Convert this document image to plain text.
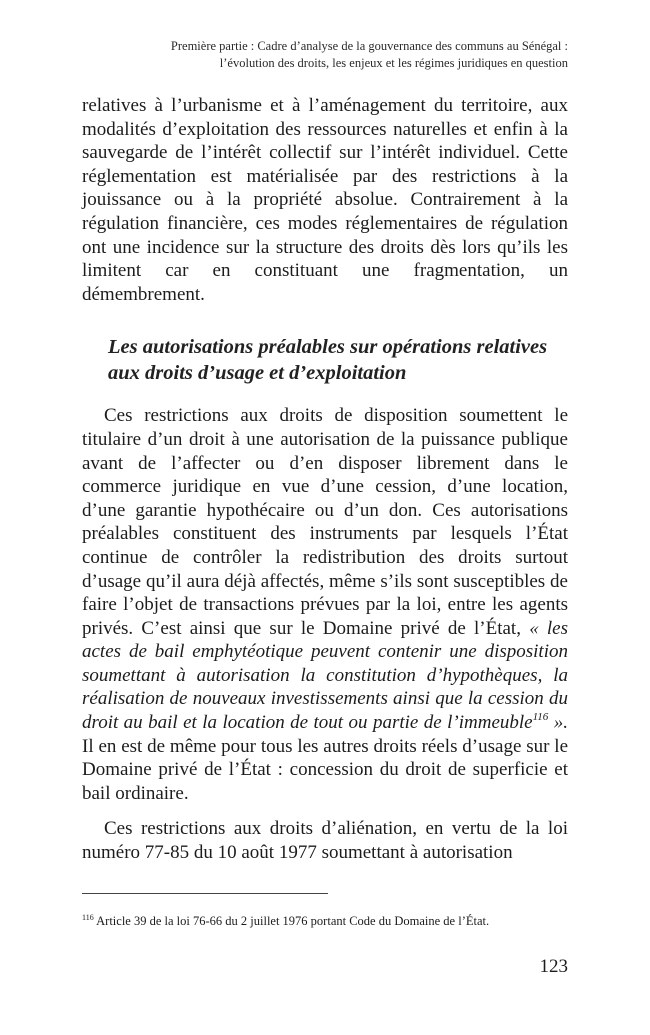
Première partie : Cadre d’analyse de la gouvernance des communs au Sénégal :
l’évolution des droits, les enjeux et les régimes juridiques en question

relatives à l’urbanisme et à l’aménagement du territoire, aux modalités d’exploitation des ressources naturelles et enfin à la sauvegarde de l’intérêt collectif sur l’intérêt individuel. Cette réglementation est matérialisée par des restrictions à la jouissance ou à la propriété absolue. Contrairement à la régulation financière, ces modes réglementaires de régulation ont une incidence sur la structure des droits dès lors qu’ils les limitent car en constituant une fragmentation, un démembrement.

Les autorisations préalables sur opérations relatives
aux droits d’usage et d’exploitation

Ces restrictions aux droits de disposition soumettent le titulaire d’un droit à une autorisation de la puissance publique avant de l’affecter ou d’en disposer librement dans le commerce juridique en vue d’une cession, d’une location, d’une garantie hypothécaire ou d’un don. Ces autorisations préalables constituent des instruments par lesquels l’État continue de contrôler la redistribution des droits surtout d’usage qu’il aura déjà affectés, même s’ils sont susceptibles de faire l’objet de transactions prévues par la loi, entre les agents privés. C’est ainsi que sur le Domaine privé de l’État, « les actes de bail emphytéotique peuvent contenir une disposition soumettant à autorisation la constitution d’hypothèques, la réalisation de nouveaux investissements ainsi que la cession du droit au bail et la location de tout ou partie de l’immeuble$^{116}$ ». Il en est de même pour tous les autres droits réels d’usage sur le Domaine privé de l’État : concession du droit de superficie et bail ordinaire.

Ces restrictions aux droits d’aliénation, en vertu de la loi numéro 77-85 du 10 août 1977 soumettant à autorisation

$^{116}$ Article 39 de la loi 76-66 du 2 juillet 1976 portant Code du Domaine de l’État.
123
